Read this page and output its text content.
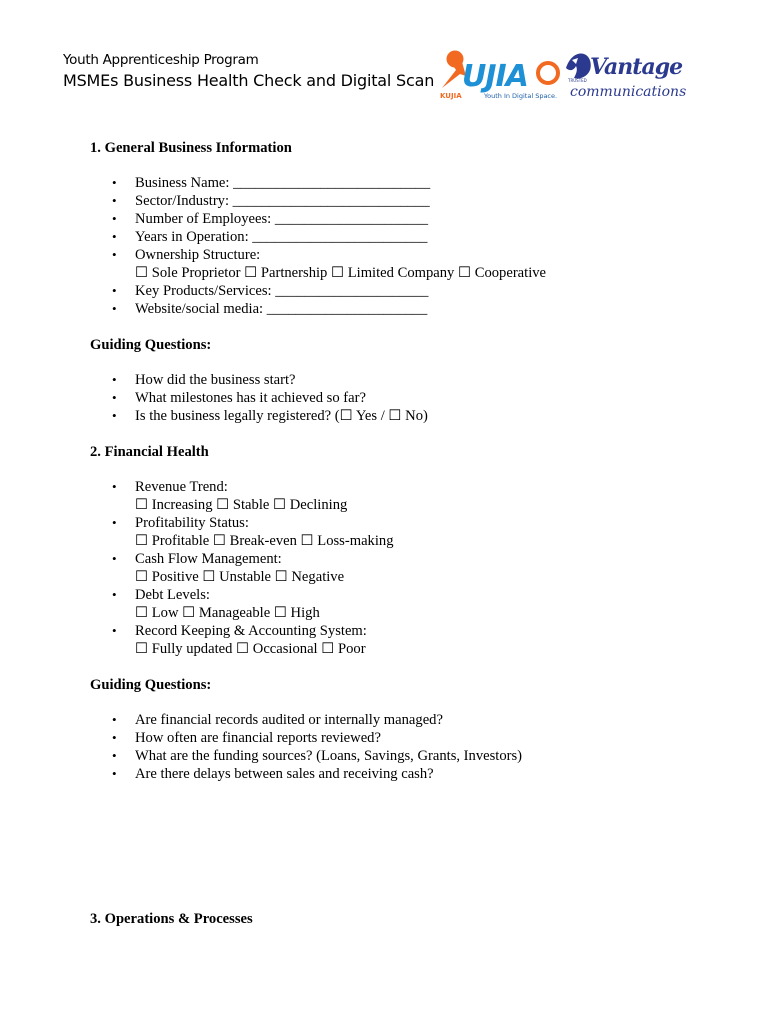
Youth Apprenticeship Program
MSMEs Business Health Check and Digital Scan UJIA
KUJIA	Youth In Digital Space.
TRUSTED
Vantage
communications

1. General Business Information

• Business Name: ___________________________
• Sector/Industry: ___________________________
• Number of Employees: _____________________
• Years in Operation: ________________________
• Ownership Structure:
☐ Sole Proprietor ☐ Partnership ☐ Limited Company ☐ Cooperative
• Key Products/Services: _____________________
• Website/social media: ______________________

Guiding Questions:

• How did the business start?
• What milestones has it achieved so far?
• Is the business legally registered? (☐ Yes / ☐ No)

2. Financial Health

• Revenue Trend:
☐ Increasing ☐ Stable ☐ Declining
• Profitability Status:
☐ Profitable ☐ Break-even ☐ Loss-making
• Cash Flow Management:
☐ Positive ☐ Unstable ☐ Negative
• Debt Levels:
☐ Low ☐ Manageable ☐ High
• Record Keeping & Accounting System:
☐ Fully updated ☐ Occasional ☐ Poor

Guiding Questions:

• Are financial records audited or internally managed?
• How often are financial reports reviewed?
• What are the funding sources? (Loans, Savings, Grants, Investors)
• Are there delays between sales and receiving cash?

3. Operations & Processes
